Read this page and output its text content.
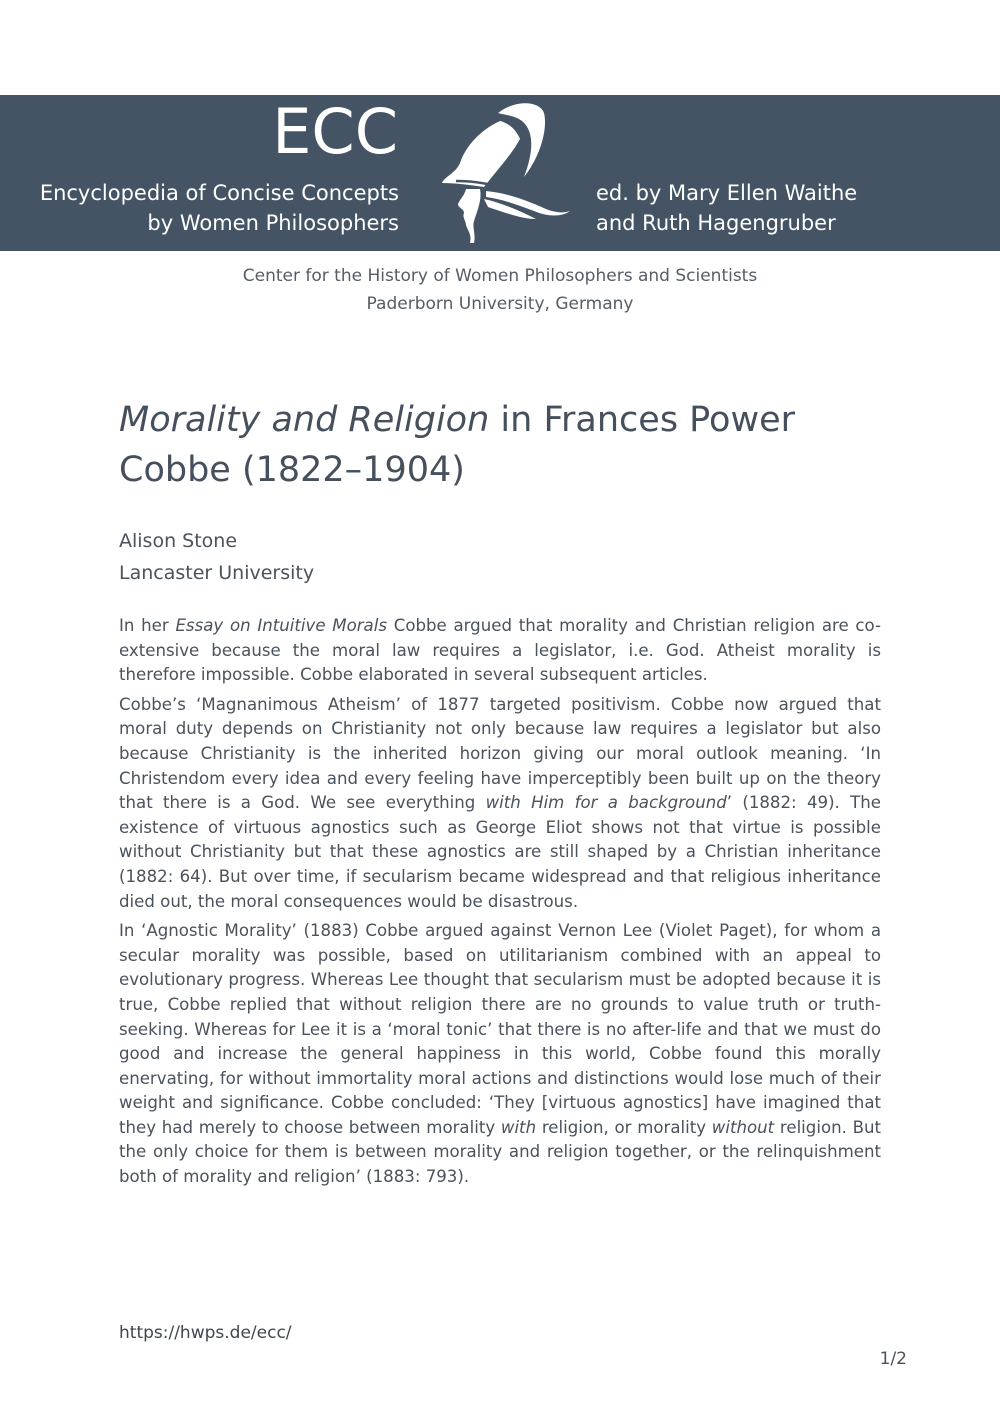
ECC
Encyclopedia of Concise Concepts
by Women Philosophers
ed. by Mary Ellen Waithe
and Ruth Hagengruber
Center for the History of Women Philosophers and Scientists
Paderborn University, Germany
Morality and Religion in Frances Power Cobbe (1822–1904)
Alison Stone
Lancaster University

In her Essay on Intuitive Morals Cobbe argued that morality and Christian religion are co-extensive because the moral law requires a legislator, i.e. God. Atheist morality is therefore impossible. Cobbe elaborated in several subsequent articles.

Cobbe’s ‘Magnanimous Atheism’ of 1877 targeted positivism. Cobbe now argued that moral duty depends on Christianity not only because law requires a legislator but also because Christianity is the inherited horizon giving our moral outlook meaning. ‘In Christendom every idea and every feeling have imperceptibly been built up on the theory that there is a God. We see everything with Him for a background’ (1882: 49). The existence of virtuous agnostics such as George Eliot shows not that virtue is possible without Christianity but that these agnostics are still shaped by a Christian inheritance (1882: 64). But over time, if secularism became widespread and that religious inheritance died out, the moral consequences would be disastrous.

In ‘Agnostic Morality’ (1883) Cobbe argued against Vernon Lee (Violet Paget), for whom a secular morality was possible, based on utilitarianism combined with an appeal to evolutionary progress. Whereas Lee thought that secularism must be adopted because it is true, Cobbe replied that without religion there are no grounds to value truth or truth-seeking. Whereas for Lee it is a ‘moral tonic’ that there is no after-life and that we must do good and increase the general happiness in this world, Cobbe found this morally enervating, for without immortality moral actions and distinctions would lose much of their weight and significance. Cobbe concluded: ‘They [virtuous agnostics] have imagined that they had merely to choose between morality with religion, or morality without religion. But the only choice for them is between morality and religion together, or the relinquishment both of morality and religion’ (1883: 793).

https://hwps.de/ecc/
1/2
